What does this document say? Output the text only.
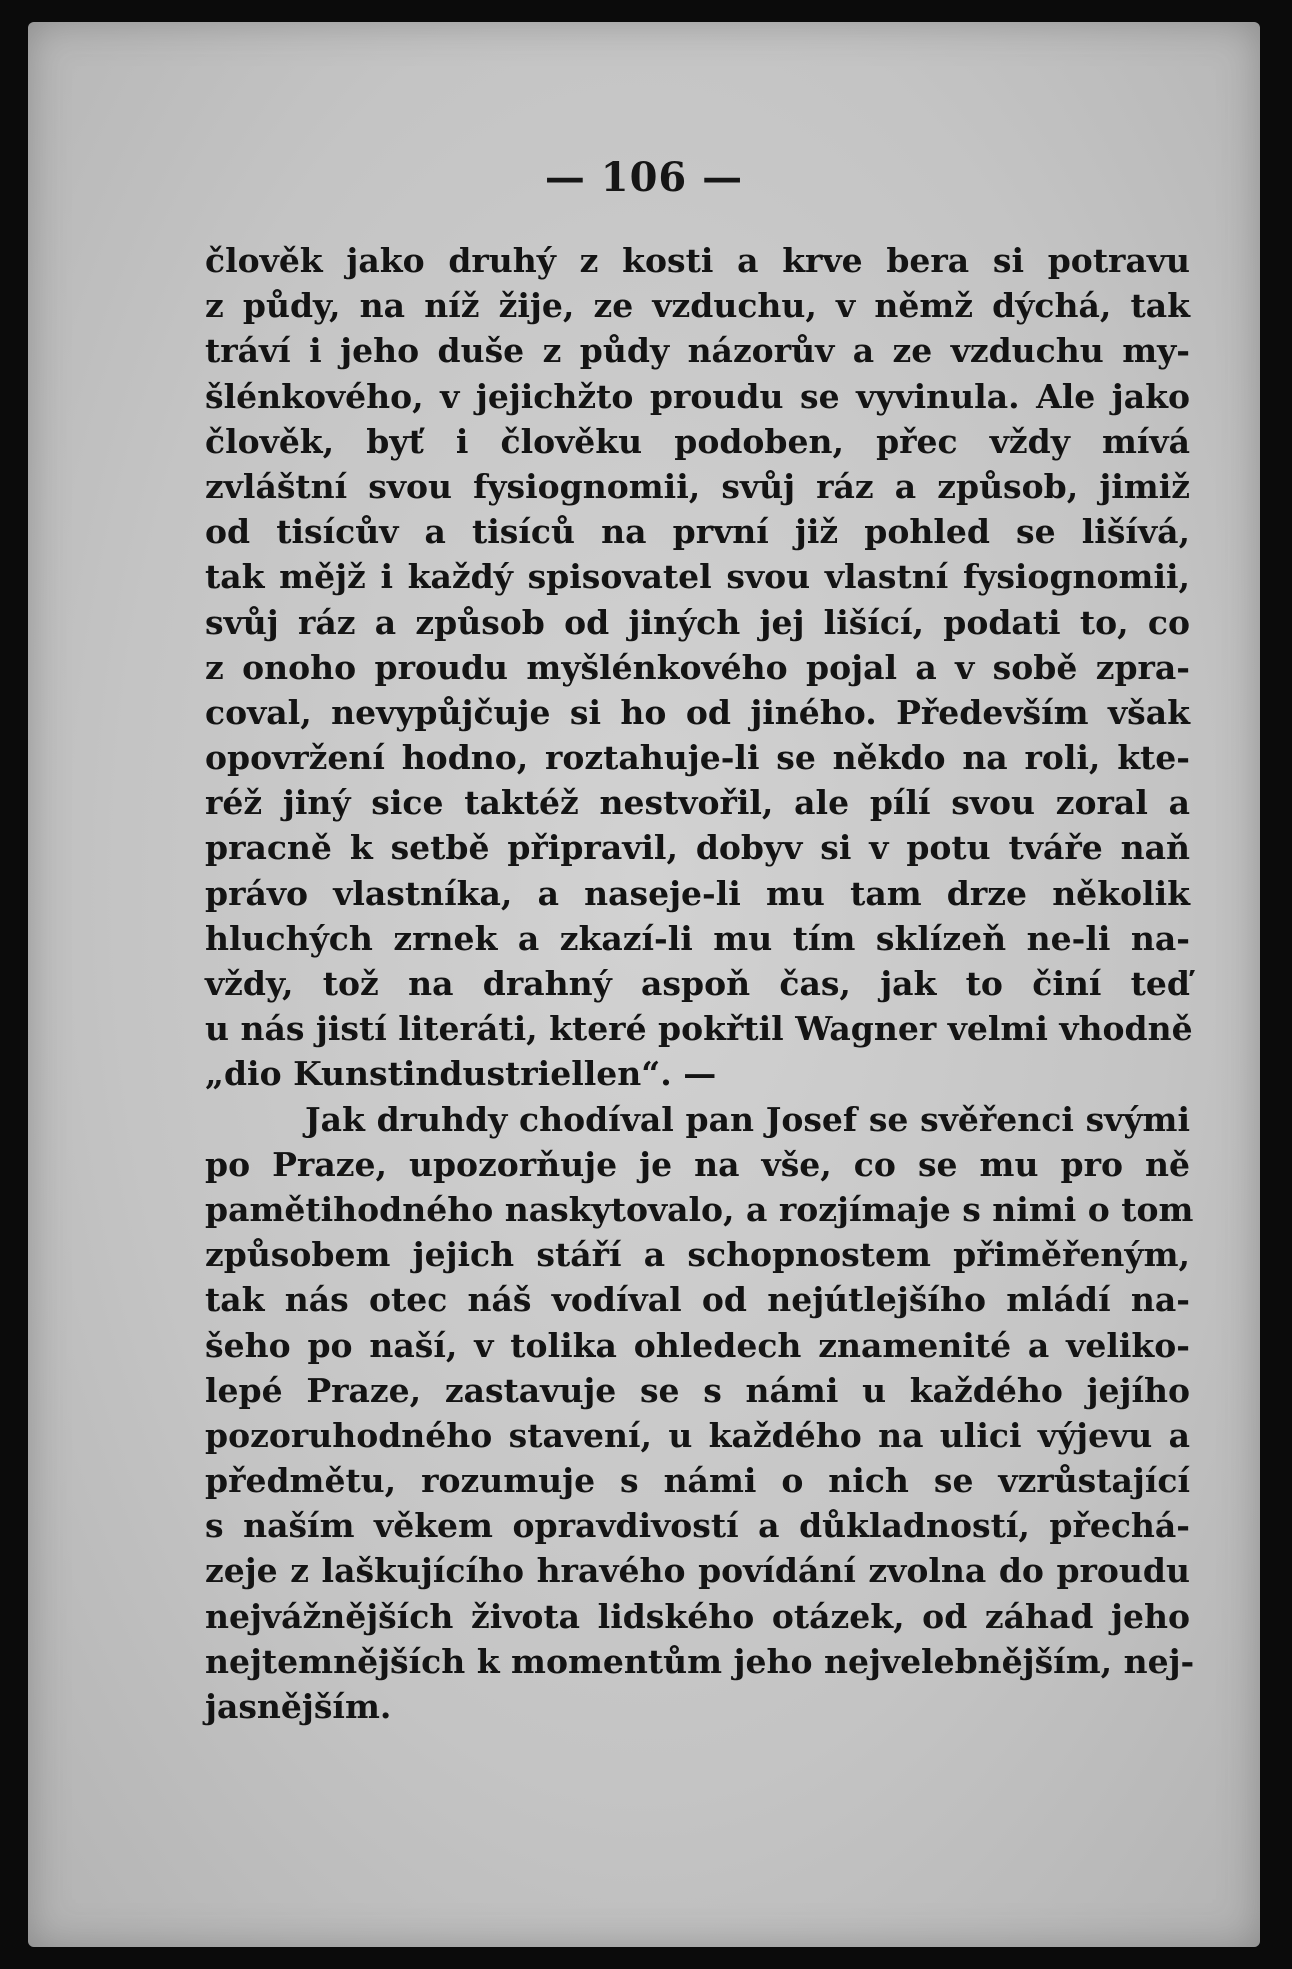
— 106 —
člověk jako druhý z kosti a krve bera si potravu
z půdy, na níž žije, ze vzduchu, v němž dýchá, tak
tráví i jeho duše z půdy názorův a ze vzduchu my-
šlénkového, v jejichžto proudu se vyvinula. Ale jako
člověk, byť i člověku podoben, přec vždy mívá
zvláštní svou fysiognomii, svůj ráz a způsob, jimiž
od tisícův a tisíců na první již pohled se lišívá,
tak mějž i každý spisovatel svou vlastní fysiognomii,
svůj ráz a způsob od jiných jej lišící, podati to, co
z onoho proudu myšlénkového pojal a v sobě zpra-
coval, nevypůjčuje si ho od jiného. Především však
opovržení hodno, roztahuje-li se někdo na roli, kte-
réž jiný sice taktéž nestvořil, ale pílí svou zoral a
pracně k setbě připravil, dobyv si v potu tváře naň
právo vlastníka, a naseje-li mu tam drze několik
hluchých zrnek a zkazí-li mu tím sklízeň ne-li na-
vždy, tož na drahný aspoň čas, jak to činí teď
u nás jistí literáti, které pokřtil Wagner velmi vhodně
„dio Kunstindustriellen“. —
Jak druhdy chodíval pan Josef se svěřenci svými
po Praze, upozorňuje je na vše, co se mu pro ně
pamětihodného naskytovalo, a rozjímaje s nimi o tom
způsobem jejich stáří a schopnostem přiměřeným,
tak nás otec náš vodíval od nejútlejšího mládí na-
šeho po naší, v tolika ohledech znamenité a veliko-
lepé Praze, zastavuje se s námi u každého jejího
pozoruhodného stavení, u každého na ulici výjevu a
předmětu, rozumuje s námi o nich se vzrůstající
s naším věkem opravdivostí a důkladností, přechá-
zeje z laškujícího hravého povídání zvolna do proudu
nejvážnějších života lidského otázek, od záhad jeho
nejtemnějších k momentům jeho nejvelebnějším, nej-
jasnějším.
